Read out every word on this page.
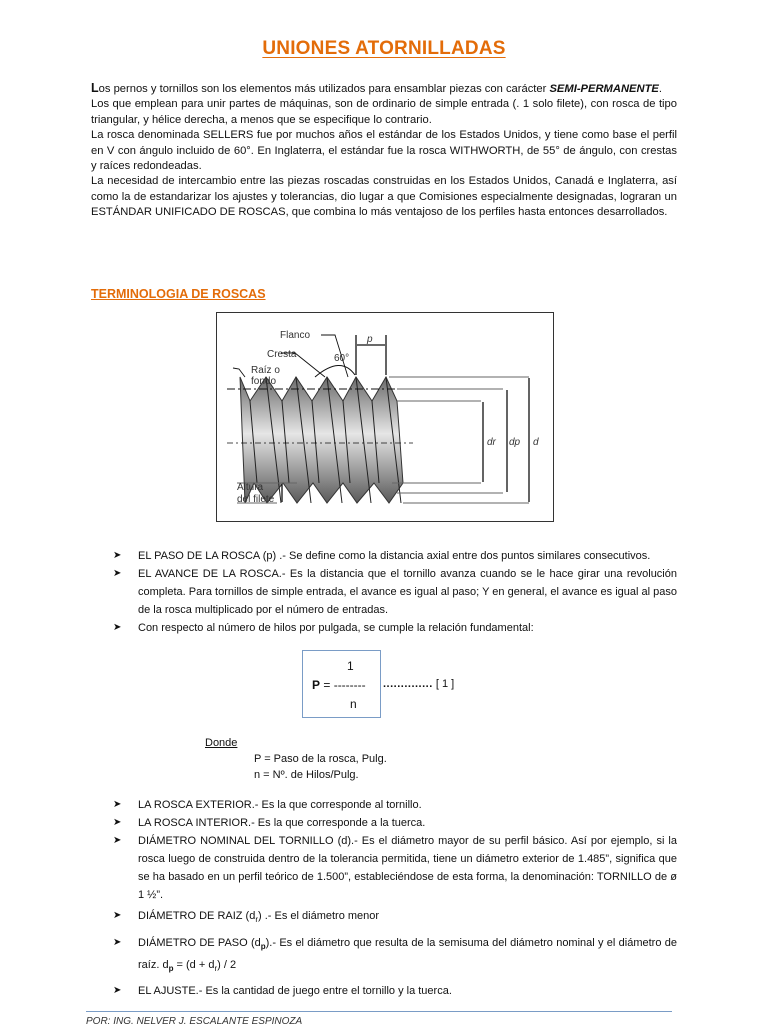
UNIONES ATORNILLADAS

Los pernos y tornillos son los elementos más utilizados para ensamblar piezas con carácter SEMI-PERMANENTE.

Los que emplean para unir partes de máquinas, son de ordinario de simple entrada (. 1 solo filete), con rosca de tipo triangular, y hélice derecha, a menos que se especifique lo contrario.

La rosca denominada SELLERS fue por muchos años el estándar de los Estados Unidos, y tiene como base el perfil en V con ángulo incluido de 60°. En Inglaterra, el estándar fue la rosca WITHWORTH, de 55° de ángulo, con crestas y raíces redondeadas.

La necesidad de intercambio entre las piezas roscadas construidas en los Estados Unidos, Canadá e Inglaterra, así como la de estandarizar los ajustes y tolerancias, dio lugar a que Comisiones especialmente designadas, lograran un ESTÁNDAR UNIFICADO DE ROSCAS, que combina lo más ventajoso de los perfiles hasta entonces desarrollados.

TERMINOLOGIA DE ROSCAS
Flanco
Cresta
Raíz o
fondo
60°
p
dr dp d
Altura
del filete
➤ EL PASO DE LA ROSCA (p) .- Se define como la distancia axial entre dos puntos similares consecutivos.
➤ EL AVANCE DE LA ROSCA.- Es la distancia que el tornillo avanza cuando se le hace girar una revolución completa. Para tornillos de simple entrada, el avance es igual al paso; Y en general, el avance es igual al paso de la rosca multiplicado por el número de entradas.
➤ Con respecto al número de hilos por pulgada, se cumple la relación fundamental:
1
P = --------
n
.............. [ 1 ]
Donde
P = Paso de la rosca, Pulg.
n = Nº. de Hilos/Pulg.
➤ LA ROSCA EXTERIOR.- Es la que corresponde al tornillo.
➤ LA ROSCA INTERIOR.- Es la que corresponde a la tuerca.
➤ DIÁMETRO NOMINAL DEL TORNILLO (d).- Es el diámetro mayor de su perfil básico. Así por ejemplo, si la rosca luego de construida dentro de la tolerancia permitida, tiene un diámetro exterior de 1.485”, significa que se ha basado en un perfil teórico de 1.500”, estableciéndose de esta forma, la denominación: TORNILLO de ø 1 ½”.
➤ DIÁMETRO DE RAIZ $(d_r)$ .- Es el diámetro menor
➤ DIÁMETRO DE PASO $(d_p).-$ Es el diámetro que resulta de la semisuma del diámetro nominal y el diámetro de raíz. $d_p = (d + d_r) / 2$
➤ EL AJUSTE.- Es la cantidad de juego entre el tornillo y la tuerca.
POR: ING. NELVER J. ESCALANTE ESPINOZA
